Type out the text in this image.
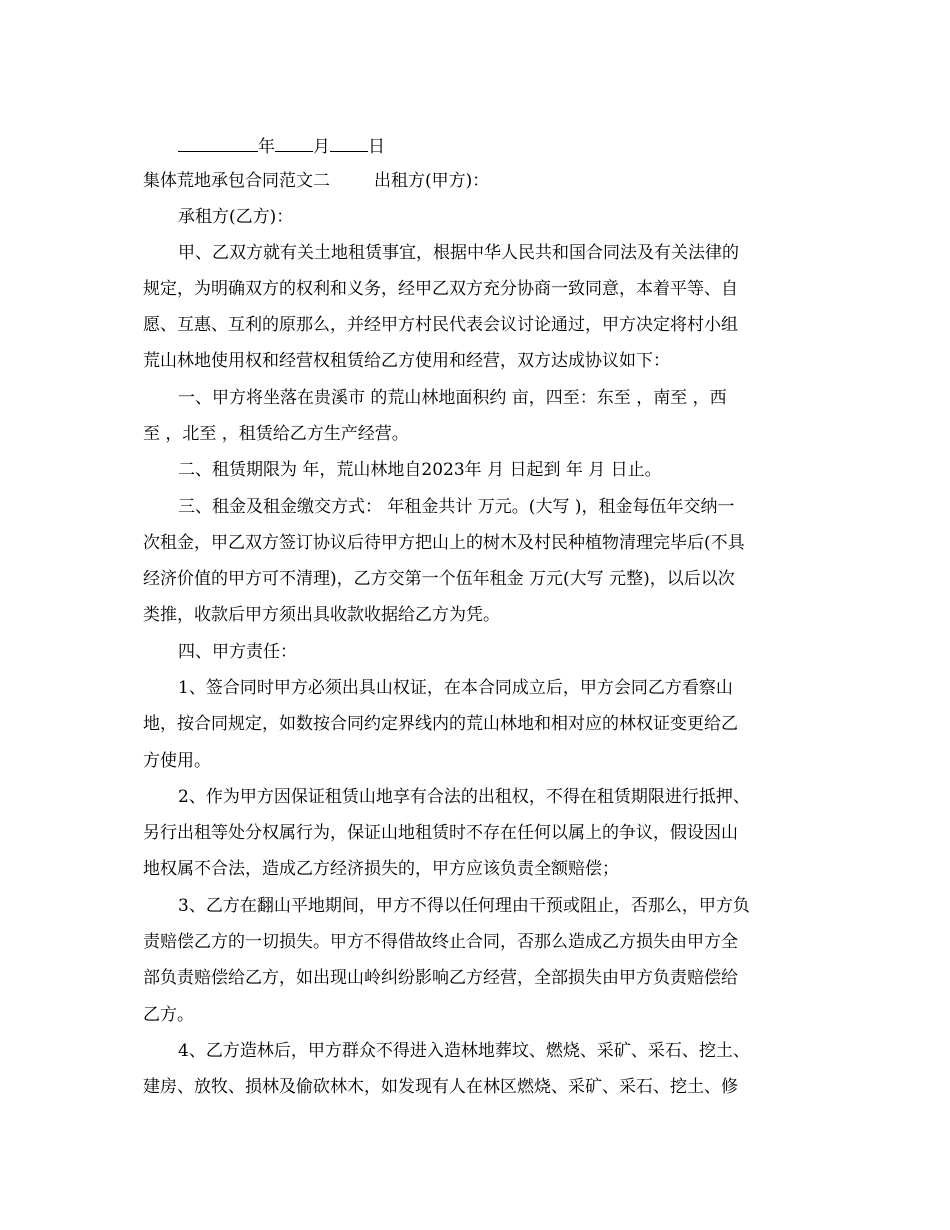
年 月 日
集体荒地承包合同范文二	出租方(甲方)：
承租方(乙方)：
甲、乙双方就有关土地租赁事宜，根据中华人民共和国合同法及有关法律的
规定，为明确双方的权利和义务，经甲乙双方充分协商一致同意，本着平等、自
愿、互惠、互利的原那么，并经甲方村民代表会议讨论通过，甲方决定将村小组
荒山林地使用权和经营权租赁给乙方使用和经营，双方达成协议如下：
一、甲方将坐落在贵溪市 的荒山林地面积约 亩，四至：东至 ，南至 ，西
至 ，北至 ，租赁给乙方生产经营。
二、租赁期限为 年，荒山林地自2023年 月 日起到 年 月 日止。
三、租金及租金缴交方式： 年租金共计 万元。(大写 )，租金每伍年交纳一
次租金，甲乙双方签订协议后待甲方把山上的树木及村民种植物清理完毕后(不具
经济价值的甲方可不清理)，乙方交第一个伍年租金 万元(大写 元整)，以后以次
类推，收款后甲方须出具收款收据给乙方为凭。
四、甲方责任：
1、签合同时甲方必须出具山权证，在本合同成立后，甲方会同乙方看察山
地，按合同规定，如数按合同约定界线内的荒山林地和相对应的林权证变更给乙
方使用。
2、作为甲方因保证租赁山地享有合法的出租权，不得在租赁期限进行抵押、
另行出租等处分权属行为，保证山地租赁时不存在任何以属上的争议，假设因山
地权属不合法，造成乙方经济损失的，甲方应该负责全额赔偿；
3、乙方在翻山平地期间，甲方不得以任何理由干预或阻止，否那么，甲方负
责赔偿乙方的一切损失。甲方不得借故终止合同，否那么造成乙方损失由甲方全
部负责赔偿给乙方，如出现山岭纠纷影响乙方经营，全部损失由甲方负责赔偿给
乙方。
4、乙方造林后，甲方群众不得进入造林地葬坟、燃烧、采矿、采石、挖土、
建房、放牧、损林及偷砍林木，如发现有人在林区燃烧、采矿、采石、挖土、修
